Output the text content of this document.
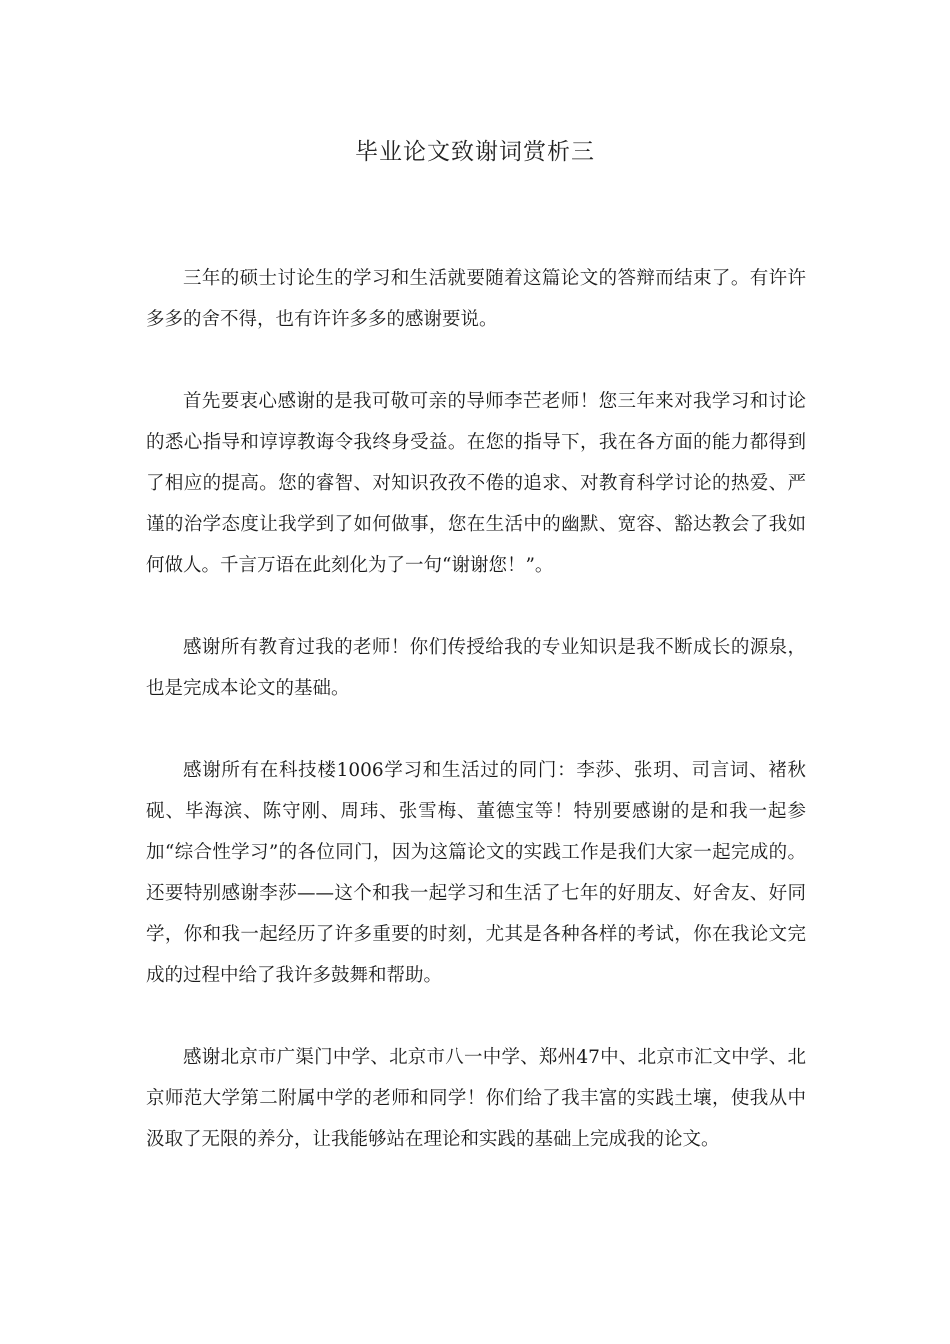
毕业论文致谢词赏析三

三年的硕士讨论生的学习和生活就要随着这篇论文的答辩而结束了。有许许多多的舍不得，也有许许多多的感谢要说。

首先要衷心感谢的是我可敬可亲的导师李芒老师！您三年来对我学习和讨论的悉心指导和谆谆教诲令我终身受益。在您的指导下，我在各方面的能力都得到了相应的提高。您的睿智、对知识孜孜不倦的追求、对教育科学讨论的热爱、严谨的治学态度让我学到了如何做事，您在生活中的幽默、宽容、豁达教会了我如何做人。千言万语在此刻化为了一句“谢谢您！”。

感谢所有教育过我的老师！你们传授给我的专业知识是我不断成长的源泉，也是完成本论文的基础。

感谢所有在科技楼1006学习和生活过的同门：李莎、张玥、司言词、褚秋砚、毕海滨、陈守刚、周玮、张雪梅、董德宝等！特别要感谢的是和我一起参加“综合性学习”的各位同门，因为这篇论文的实践工作是我们大家一起完成的。还要特别感谢李莎——这个和我一起学习和生活了七年的好朋友、好舍友、好同学，你和我一起经历了许多重要的时刻，尤其是各种各样的考试，你在我论文完成的过程中给了我许多鼓舞和帮助。

感谢北京市广渠门中学、北京市八一中学、郑州47中、北京市汇文中学、北京师范大学第二附属中学的老师和同学！你们给了我丰富的实践土壤，使我从中汲取了无限的养分，让我能够站在理论和实践的基础上完成我的论文。
